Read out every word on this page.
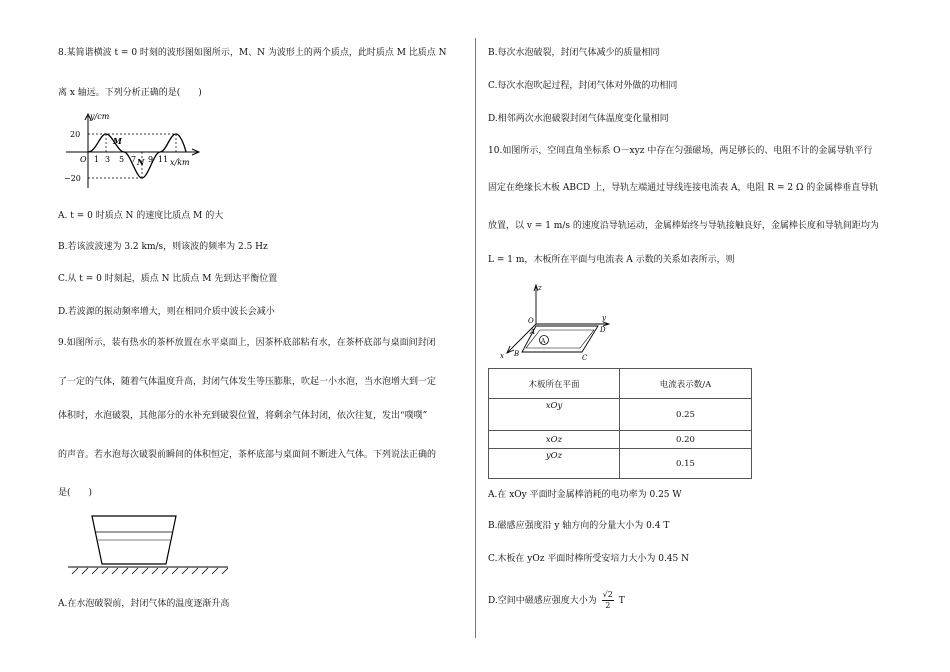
8.某简谐横波 t = 0 时刻的波形图如图所示，M、N 为波形上的两个质点，此时质点 M 比质点 N
离 x 轴远。下列分析正确的是(　　)
y/cm
x/km
20
−20
O 1 3 5 7 9 11
M
N
A. t = 0 时质点 N 的速度比质点 M 的大
B.若该波波速为 3.2 km/s，则该波的频率为 2.5 Hz
C.从 t = 0 时刻起，质点 N 比质点 M 先到达平衡位置
D.若波源的振动频率增大，则在相同介质中波长会减小
9.如图所示，装有热水的茶杯放置在水平桌面上，因茶杯底部粘有水，在茶杯底部与桌面间封闭
了一定的气体，随着气体温度升高，封闭气体发生等压膨胀，吹起一小水泡，当水泡增大到一定
体积时，水泡破裂，其他部分的水补充到破裂位置，将剩余气体封闭，依次往复，发出“噗噗”
的声音。若水泡每次破裂前瞬间的体积恒定，茶杯底部与桌面间不断进入气体。下列说法正确的
是(　　)
A.在水泡破裂前，封闭气体的温度逐渐升高
B.每次水泡破裂，封闭气体减少的质量相同
C.每次水泡吹起过程，封闭气体对外做的功相同
D.相邻两次水泡破裂封闭气体温度变化量相同
10.如图所示，空间直角坐标系 O－xyz 中存在匀强磁场，两足够长的、电阻不计的金属导轨平行
固定在绝缘长木板 ABCD 上，导轨左端通过导线连接电流表 A，电阻 R = 2 Ω 的金属棒垂直导轨
放置，以 v = 1 m/s 的速度沿导轨运动，金属棒始终与导轨接触良好，金属棒长度和导轨间距均为
L = 1 m，木板所在平面与电流表 A 示数的关系如表所示，则
z
y
x
O
A
B	C
D
A
木板所在平面	电流表示数/A
xOy	0.25
xOz	0.20
yOz	0.15
A.在 xOy 平面时金属棒消耗的电功率为 0.25 W
B.磁感应强度沿 y 轴方向的分量大小为 0.4 T
C.木板在 yOz 平面时棒所受安培力大小为 0.45 N
D.空间中磁感应强度大小为 $\frac{√2}{2}$ T
